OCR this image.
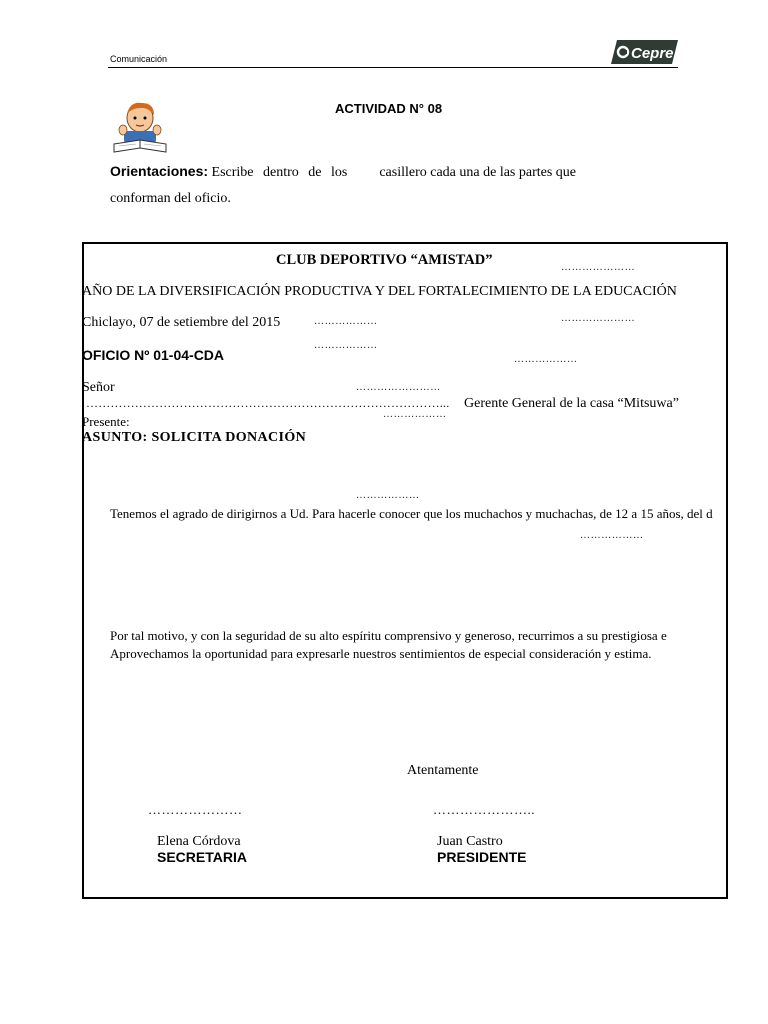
Comunicación	Cepre
ACTIVIDAD N° 08
Orientaciones: Escribe dentro de los casillero cada una de las partes que conforman del oficio.
CLUB DEPORTIVO “AMISTAD”	…………………
AÑO DE LA DIVERSIFICACIÓN PRODUCTIVA Y DEL FORTALECIMIENTO DE LA EDUCACIÓN
Chiclayo, 07 de setiembre del 2015	………………	…………………
………………
OFICIO Nº 01-04-CDA	………………
Señor	……………………
……………………………………………………………………………... Gerente General de la casa “Mitsuwa”
………………
Presente:
ASUNTO: SOLICITA DONACIÓN
………………
Tenemos el agrado de dirigirnos a Ud. Para hacerle conocer que los muchachos y muchachas, de 12 a 15 años, del d
………………
Por tal motivo, y con la seguridad de su alto espíritu comprensivo y generoso, recurrimos a su prestigiosa e
Aprovechamos la oportunidad para expresarle nuestros sentimientos de especial consideración y estima.
Atentamente
…………………	…………………..
Elena Córdova	Juan Castro
SECRETARIA	PRESIDENTE
